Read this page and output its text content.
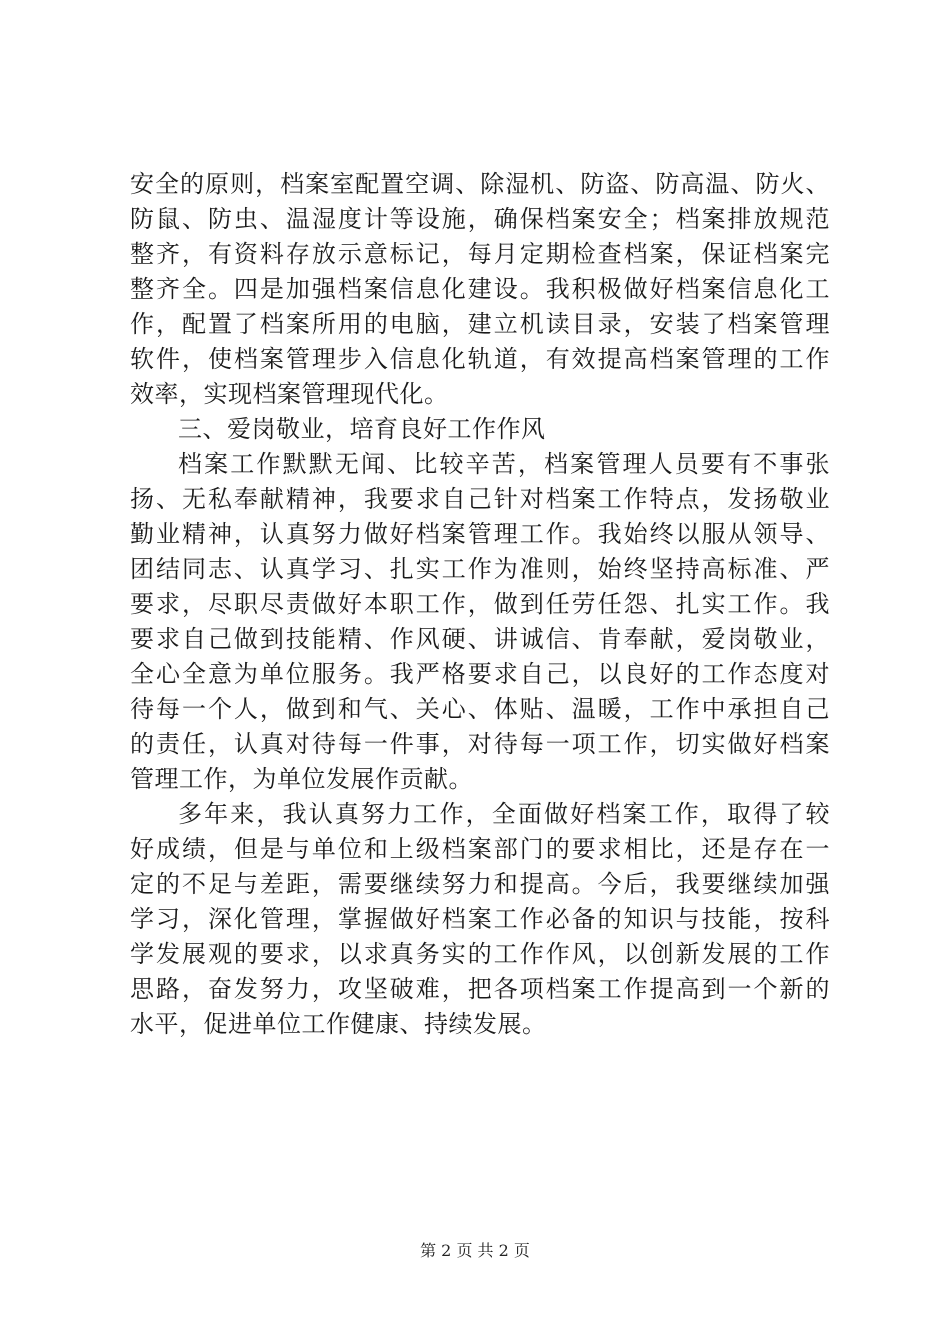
安全的原则，档案室配置空调、除湿机、防盗、防高温、防火、
防鼠、防虫、温湿度计等设施，确保档案安全；档案排放规范
整齐，有资料存放示意标记，每月定期检查档案，保证档案完
整齐全。四是加强档案信息化建设。我积极做好档案信息化工
作，配置了档案所用的电脑，建立机读目录，安装了档案管理
软件，使档案管理步入信息化轨道，有效提高档案管理的工作
效率，实现档案管理现代化。
三、爱岗敬业，培育良好工作作风
档案工作默默无闻、比较辛苦，档案管理人员要有不事张
扬、无私奉献精神，我要求自己针对档案工作特点，发扬敬业
勤业精神，认真努力做好档案管理工作。我始终以服从领导、
团结同志、认真学习、扎实工作为准则，始终坚持高标准、严
要求，尽职尽责做好本职工作，做到任劳任怨、扎实工作。我
要求自己做到技能精、作风硬、讲诚信、肯奉献，爱岗敬业，
全心全意为单位服务。我严格要求自己，以良好的工作态度对
待每一个人，做到和气、关心、体贴、温暖，工作中承担自己
的责任，认真对待每一件事，对待每一项工作，切实做好档案
管理工作，为单位发展作贡献。
多年来，我认真努力工作，全面做好档案工作，取得了较
好成绩，但是与单位和上级档案部门的要求相比，还是存在一
定的不足与差距，需要继续努力和提高。今后，我要继续加强
学习，深化管理，掌握做好档案工作必备的知识与技能，按科
学发展观的要求，以求真务实的工作作风，以创新发展的工作
思路，奋发努力，攻坚破难，把各项档案工作提高到一个新的
水平，促进单位工作健康、持续发展。
第 2 页 共 2 页
